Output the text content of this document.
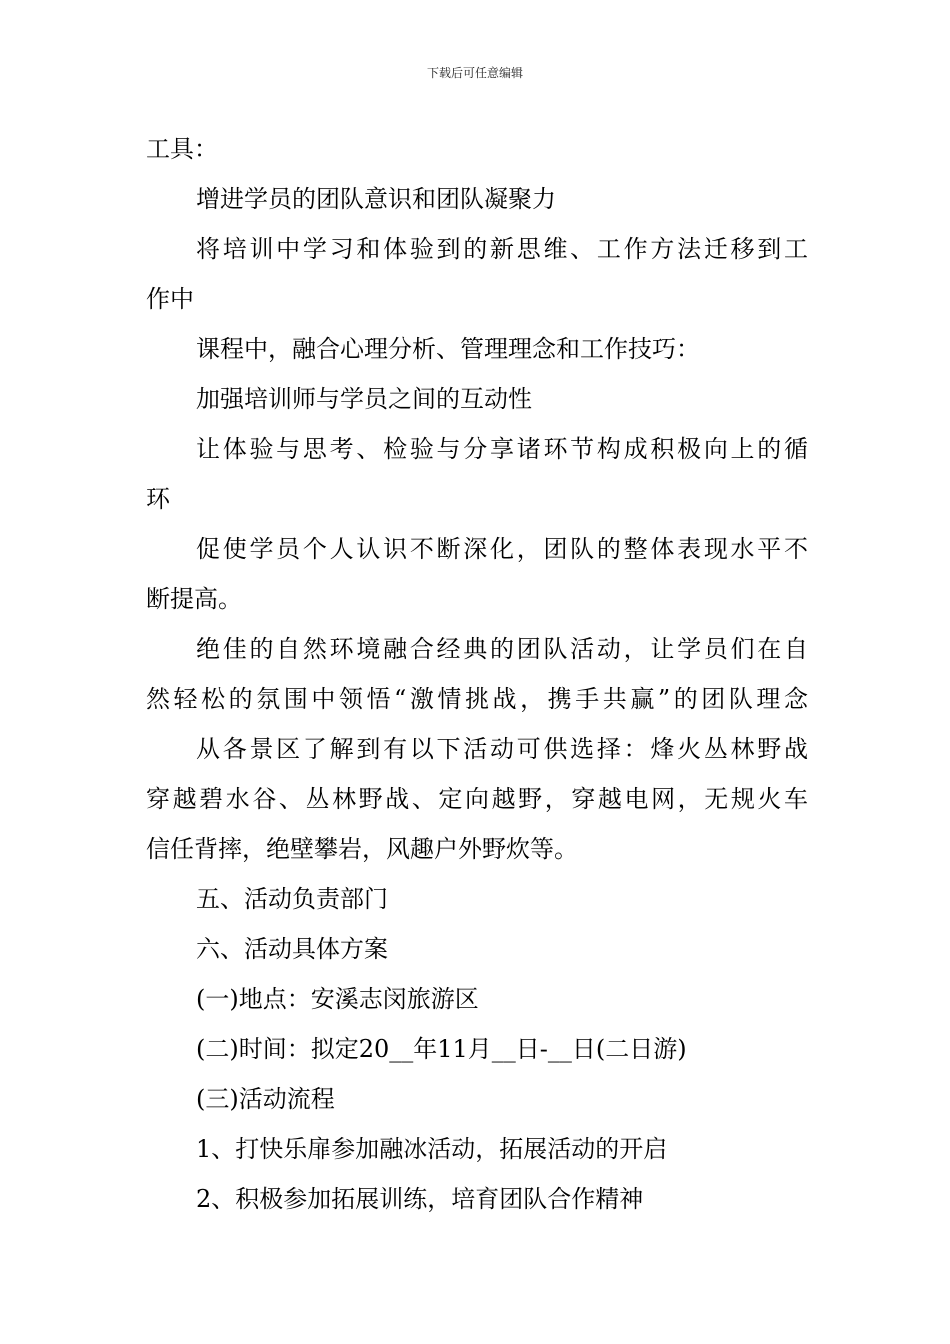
下载后可任意编辑
工具：
增进学员的团队意识和团队凝聚力
将培训中学习和体验到的新思维、工作方法迁移到工
作中
课程中，融合心理分析、管理理念和工作技巧：
加强培训师与学员之间的互动性
让体验与思考、检验与分享诸环节构成积极向上的循
环
促使学员个人认识不断深化，团队的整体表现水平不
断提高。
绝佳的自然环境融合经典的团队活动，让学员们在自
然轻松的氛围中领悟“激情挑战，携手共赢”的团队理念
从各景区了解到有以下活动可供选择：烽火丛林野战
穿越碧水谷、丛林野战、定向越野，穿越电网，无规火车
信任背摔，绝壁攀岩，风趣户外野炊等。
五、活动负责部门
六、活动具体方案
(一)地点：安溪志闵旅游区
(二)时间：拟定20__年11月__日-__日(二日游)
(三)活动流程
1、打快乐扉参加融冰活动，拓展活动的开启
2、积极参加拓展训练，培育团队合作精神
